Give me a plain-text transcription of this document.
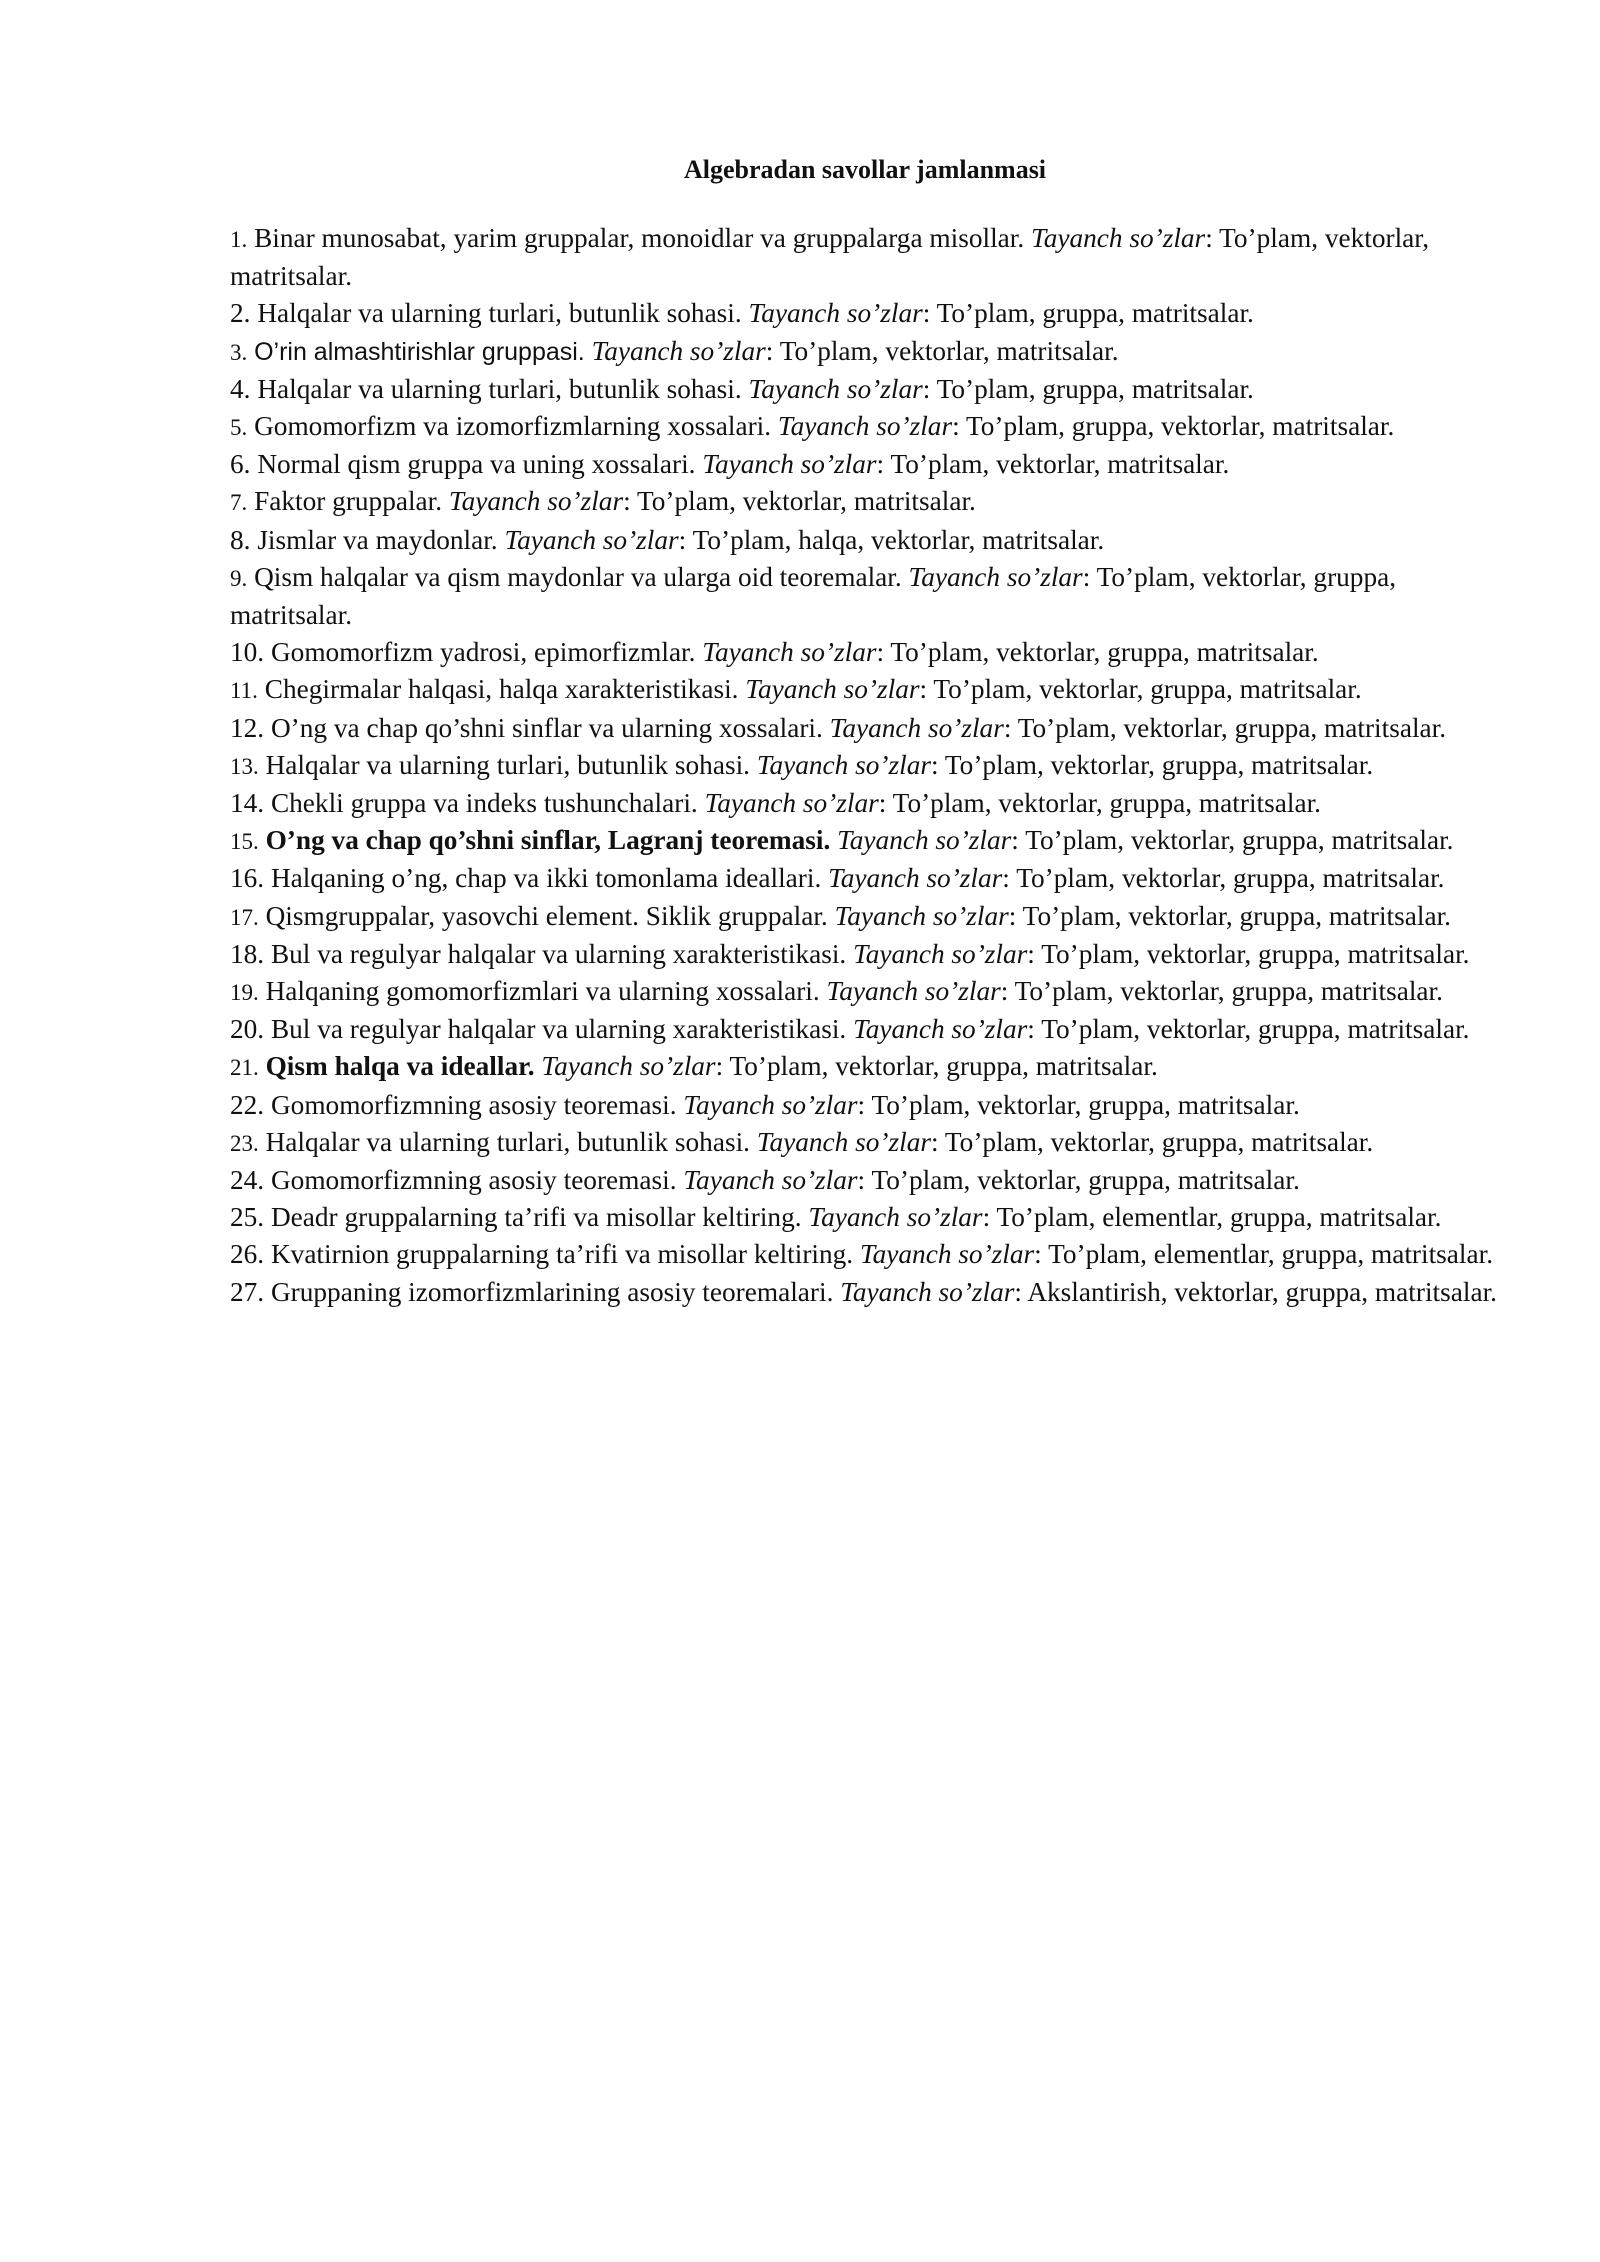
Algebradan savollar jamlanmasi
1. Binar munosabat, yarim gruppalar, monoidlar va gruppalarga misollar. Tayanch so’zlar: To’plam, vektorlar, matritsalar.
2. Halqalar va ularning turlari, butunlik sohasi. Tayanch so’zlar: To’plam, gruppa, matritsalar.
3. O’rin almashtirishlar gruppasi. Tayanch so’zlar: To’plam, vektorlar, matritsalar.
4. Halqalar va ularning turlari, butunlik sohasi. Tayanch so’zlar: To’plam, gruppa, matritsalar.
5. Gomomorfizm va izomorfizmlarning xossalari. Tayanch so’zlar: To’plam, gruppa, vektorlar, matritsalar.
6. Normal qism gruppa va uning xossalari. Tayanch so’zlar: To’plam, vektorlar, matritsalar.
7. Faktor gruppalar. Tayanch so’zlar: To’plam, vektorlar, matritsalar.
8. Jismlar va maydonlar. Tayanch so’zlar: To’plam, halqa, vektorlar, matritsalar.
9. Qism halqalar va qism maydonlar va ularga oid teoremalar. Tayanch so’zlar: To’plam, vektorlar, gruppa, matritsalar.
10. Gomomorfizm yadrosi, epimorfizmlar. Tayanch so’zlar: To’plam, vektorlar, gruppa, matritsalar.
11. Chegirmalar halqasi, halqa xarakteristikasi. Tayanch so’zlar: To’plam, vektorlar, gruppa, matritsalar.
12. O’ng va chap qo’shni sinflar va ularning xossalari. Tayanch so’zlar: To’plam, vektorlar, gruppa, matritsalar.
13. Halqalar va ularning turlari, butunlik sohasi. Tayanch so’zlar: To’plam, vektorlar, gruppa, matritsalar.
14. Chekli gruppa va indeks tushunchalari. Tayanch so’zlar: To’plam, vektorlar, gruppa, matritsalar.
15. O’ng va chap qo’shni sinflar, Lagranj teoremasi. Tayanch so’zlar: To’plam, vektorlar, gruppa, matritsalar.
16. Halqaning o’ng, chap va ikki tomonlama ideallari. Tayanch so’zlar: To’plam, vektorlar, gruppa, matritsalar.
17. Qismgruppalar, yasovchi element. Siklik gruppalar. Tayanch so’zlar: To’plam, vektorlar, gruppa, matritsalar.
18. Bul va regulyar halqalar va ularning xarakteristikasi. Tayanch so’zlar: To’plam, vektorlar, gruppa, matritsalar.
19. Halqaning gomomorfizmlari va ularning xossalari. Tayanch so’zlar: To’plam, vektorlar, gruppa, matritsalar.
20. Bul va regulyar halqalar va ularning xarakteristikasi. Tayanch so’zlar: To’plam, vektorlar, gruppa, matritsalar.
21. Qism halqa va ideallar. Tayanch so’zlar: To’plam, vektorlar, gruppa, matritsalar.
22. Gomomorfizmning asosiy teoremasi. Tayanch so’zlar: To’plam, vektorlar, gruppa, matritsalar.
23. Halqalar va ularning turlari, butunlik sohasi. Tayanch so’zlar: To’plam, vektorlar, gruppa, matritsalar.
24. Gomomorfizmning asosiy teoremasi. Tayanch so’zlar: To’plam, vektorlar, gruppa, matritsalar.
25. Deadr gruppalarning ta’rifi va misollar keltiring. Tayanch so’zlar: To’plam, elementlar, gruppa, matritsalar.
26. Kvatirnion gruppalarning ta’rifi va misollar keltiring. Tayanch so’zlar: To’plam, elementlar, gruppa, matritsalar.
27. Gruppaning izomorfizmlarining asosiy teoremalari. Tayanch so’zlar: Akslantirish, vektorlar, gruppa, matritsalar.
